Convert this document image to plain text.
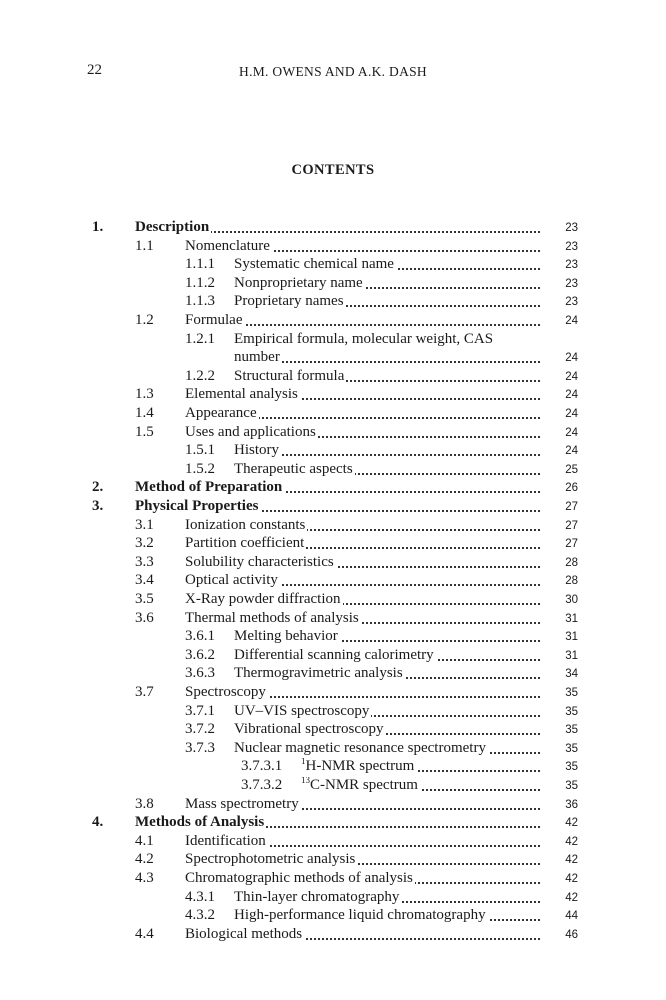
22	H.M. OWENS AND A.K. DASH
CONTENTS
1. Description	23
1.1 Nomenclature	23
1.1.1 Systematic chemical name	23
1.1.2 Nonproprietary name	23
1.1.3 Proprietary names	23
1.2 Formulae	24
1.2.1 Empirical formula, molecular weight, CAS
number	24
1.2.2 Structural formula	24
1.3 Elemental analysis	24
1.4 Appearance	24
1.5 Uses and applications	24
1.5.1 History	24
1.5.2 Therapeutic aspects	25
2. Method of Preparation	26
3. Physical Properties	27
3.1 Ionization constants	27
3.2 Partition coefficient	27
3.3 Solubility characteristics	28
3.4 Optical activity	28
3.5 X-Ray powder diffraction	30
3.6 Thermal methods of analysis	31
3.6.1 Melting behavior	31
3.6.2 Differential scanning calorimetry	31
3.6.3 Thermogravimetric analysis	34
3.7 Spectroscopy	35
3.7.1 UV–VIS spectroscopy	35
3.7.2 Vibrational spectroscopy	35
3.7.3 Nuclear magnetic resonance spectrometry	35
3.7.3.1 $^1$H-NMR spectrum	35
3.7.3.2 $^{13}$C-NMR spectrum	35
3.8 Mass spectrometry	36
4. Methods of Analysis	42
4.1 Identification	42
4.2 Spectrophotometric analysis	42
4.3 Chromatographic methods of analysis	42
4.3.1 Thin-layer chromatography	42
4.3.2 High-performance liquid chromatography	44
4.4 Biological methods	46
